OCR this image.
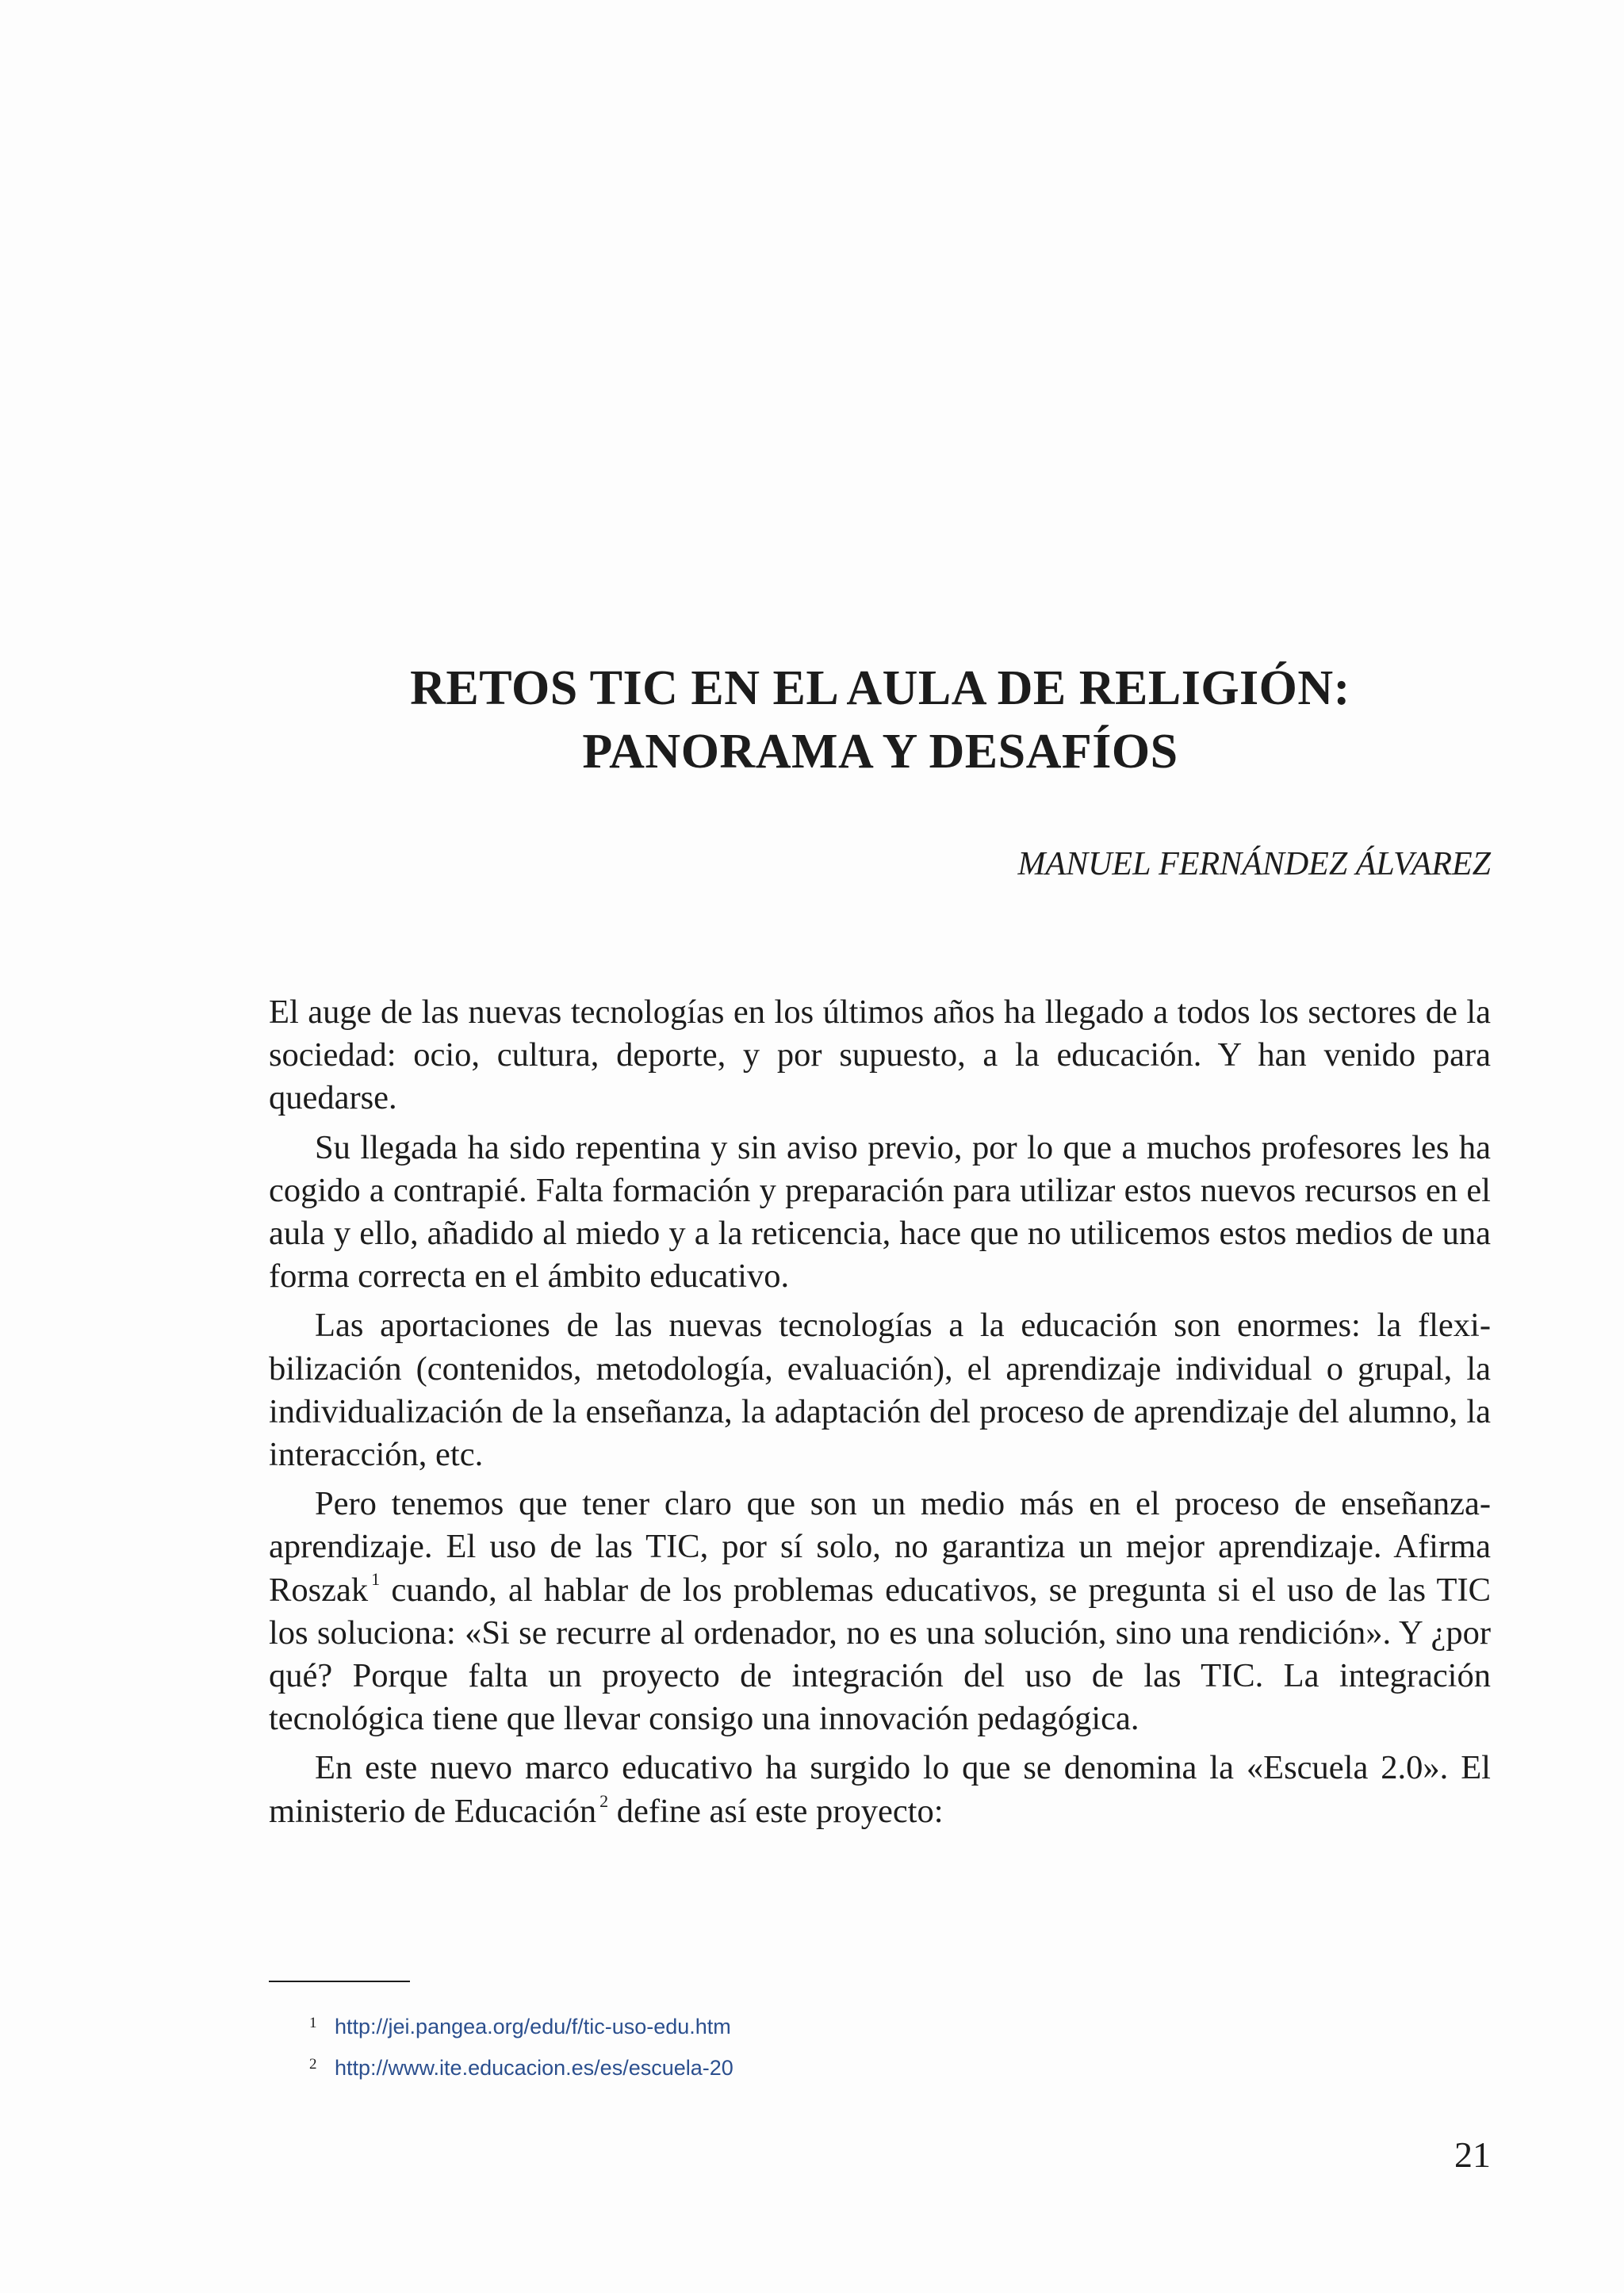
RETOS TIC EN EL AULA DE RELIGIÓN:
PANORAMA Y DESAFÍOS
MANUEL FERNÁNDEZ ÁLVAREZ

El auge de las nuevas tecnologías en los últimos años ha llegado a todos los sectores de la sociedad: ocio, cultura, deporte, y por supuesto, a la educación. Y han venido para quedarse.

Su llegada ha sido repentina y sin aviso previo, por lo que a muchos profesores les ha cogido a contrapié. Falta formación y preparación para utilizar estos nuevos recursos en el aula y ello, añadido al miedo y a la reticencia, hace que no utilicemos estos medios de una forma correcta en el ámbito educativo.

Las aportaciones de las nuevas tecnologías a la educación son enormes: la flexibilización (contenidos, metodología, evaluación), el aprendizaje individual o grupal, la individualización de la enseñanza, la adaptación del proceso de aprendizaje del alumno, la interacción, etc.

Pero tenemos que tener claro que son un medio más en el proceso de enseñanza-aprendizaje. El uso de las TIC, por sí solo, no garantiza un mejor aprendizaje. Afirma Roszak $^1$ cuando, al hablar de los problemas educativos, se pregunta si el uso de las TIC los soluciona: «Si se recurre al ordenador, no es una solución, sino una rendición». Y ¿por qué? Porque falta un proyecto de integración del uso de las TIC. La integración tecnológica tiene que llevar consigo una innovación pedagógica.

En este nuevo marco educativo ha surgido lo que se denomina la «Escuela 2.0». El ministerio de Educación $^2$ define así este proyecto:

1 http://jei.pangea.org/edu/f/tic-uso-edu.htm
2 http://www.ite.educacion.es/es/escuela-20
21
